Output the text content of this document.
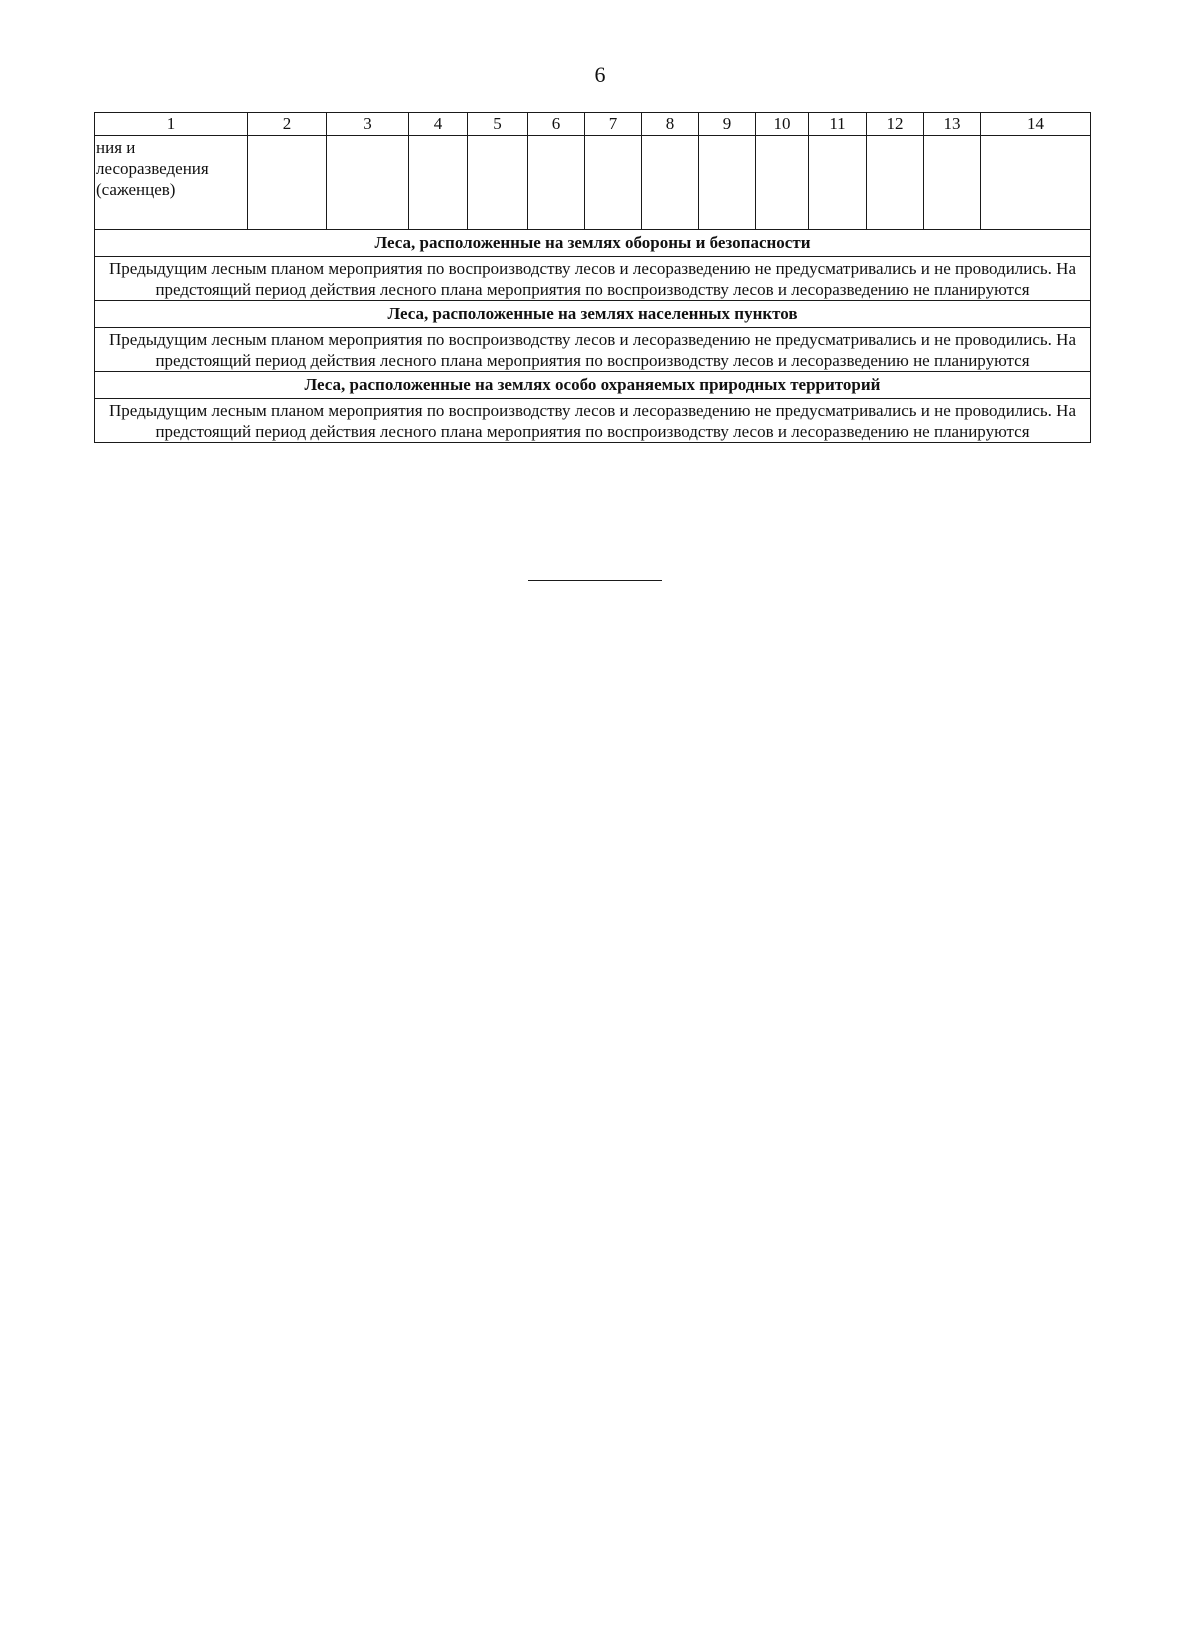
6
1	2	3	4	5	6	7	8	9	10	11	12	13	14

ния и
лесоразведения
(саженцев)													

Леса, расположенные на землях обороны и безопасности													
Предыдущим лесным планом мероприятия по воспроизводству лесов и лесоразведению не предусматривались и не проводились. На предстоящий период действия лесного плана мероприятия по воспроизводству лесов и лесоразведению не планируются													
Леса, расположенные на землях населенных пунктов													
Предыдущим лесным планом мероприятия по воспроизводству лесов и лесоразведению не предусматривались и не проводились. На предстоящий период действия лесного плана мероприятия по воспроизводству лесов и лесоразведению не планируются													
Леса, расположенные на землях особо охраняемых природных территорий													
Предыдущим лесным планом мероприятия по воспроизводству лесов и лесоразведению не предусматривались и не проводились. На предстоящий период действия лесного плана мероприятия по воспроизводству лесов и лесоразведению не планируются													
